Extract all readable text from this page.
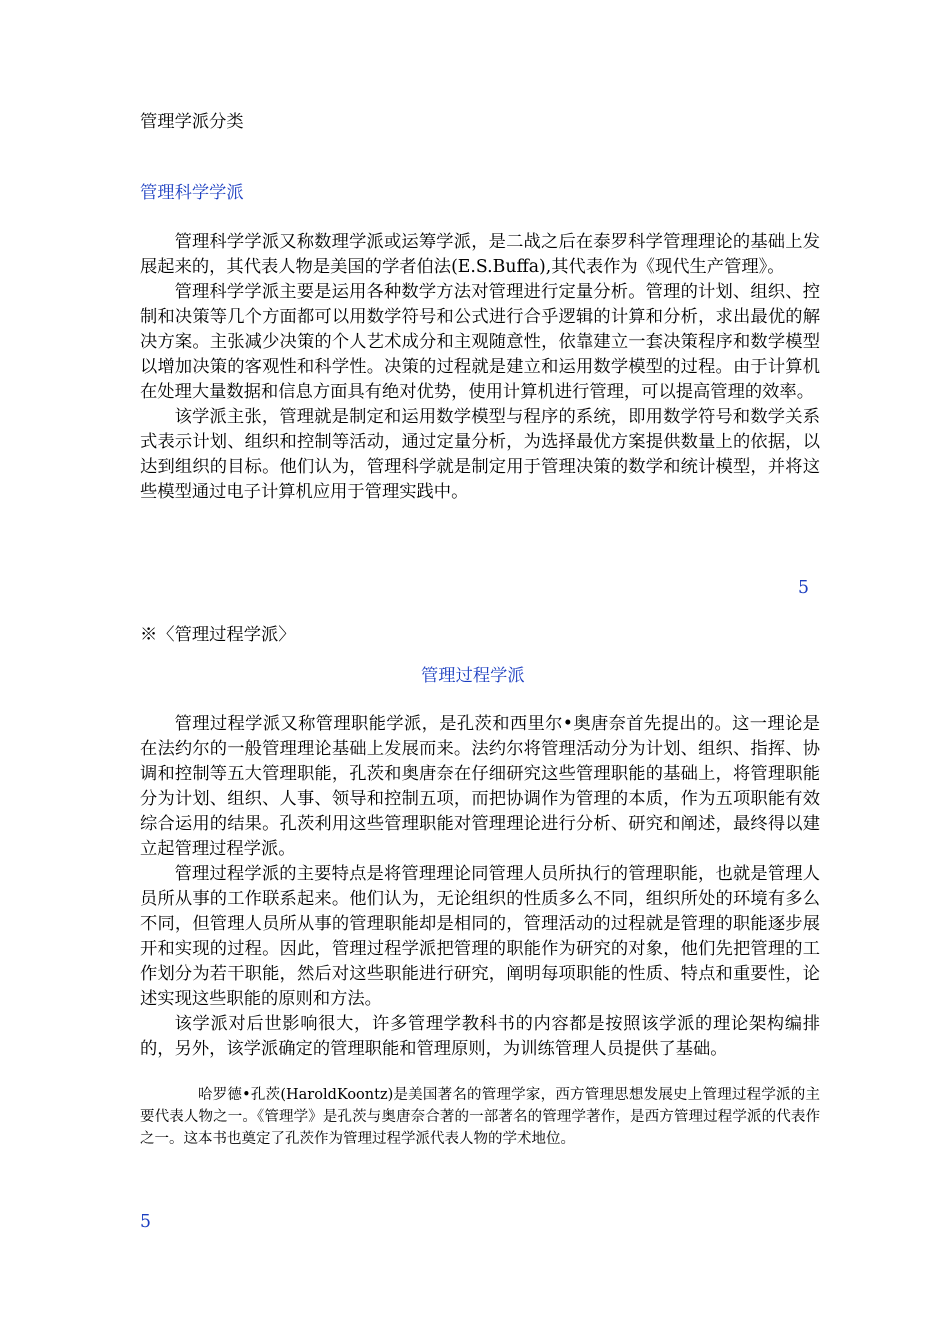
管理学派分类

管理科学学派

管理科学学派又称数理学派或运筹学派，是二战之后在泰罗科学管理理论的基础上发展起来的，其代表人物是美国的学者伯法(E.S.Buffa),其代表作为《现代生产管理》。

管理科学学派主要是运用各种数学方法对管理进行定量分析。管理的计划、组织、控制和决策等几个方面都可以用数学符号和公式进行合乎逻辑的计算和分析，求出最优的解决方案。主张减少决策的个人艺术成分和主观随意性，依靠建立一套决策程序和数学模型以增加决策的客观性和科学性。决策的过程就是建立和运用数学模型的过程。由于计算机在处理大量数据和信息方面具有绝对优势，使用计算机进行管理，可以提高管理的效率。

该学派主张，管理就是制定和运用数学模型与程序的系统，即用数学符号和数学关系式表示计划、组织和控制等活动，通过定量分析，为选择最优方案提供数量上的依据，以达到组织的目标。他们认为，管理科学就是制定用于管理决策的数学和统计模型，并将这些模型通过电子计算机应用于管理实践中。

5

※〈管理过程学派〉

管理过程学派

管理过程学派又称管理职能学派，是孔茨和西里尔•奥唐奈首先提出的。这一理论是在法约尔的一般管理理论基础上发展而来。法约尔将管理活动分为计划、组织、指挥、协调和控制等五大管理职能，孔茨和奥唐奈在仔细研究这些管理职能的基础上，将管理职能分为计划、组织、人事、领导和控制五项，而把协调作为管理的本质，作为五项职能有效综合运用的结果。孔茨利用这些管理职能对管理理论进行分析、研究和阐述，最终得以建立起管理过程学派。

管理过程学派的主要特点是将管理理论同管理人员所执行的管理职能，也就是管理人员所从事的工作联系起来。他们认为，无论组织的性质多么不同，组织所处的环境有多么不同，但管理人员所从事的管理职能却是相同的，管理活动的过程就是管理的职能逐步展开和实现的过程。因此，管理过程学派把管理的职能作为研究的对象，他们先把管理的工作划分为若干职能，然后对这些职能进行研究，阐明每项职能的性质、特点和重要性，论述实现这些职能的原则和方法。

该学派对后世影响很大，许多管理学教科书的内容都是按照该学派的理论架构编排的，另外，该学派确定的管理职能和管理原则，为训练管理人员提供了基础。

哈罗德•孔茨(HaroldKoontz)是美国著名的管理学家，西方管理思想发展史上管理过程学派的主要代表人物之一。《管理学》是孔茨与奥唐奈合著的一部著名的管理学著作，是西方管理过程学派的代表作之一。这本书也奠定了孔茨作为管理过程学派代表人物的学术地位。

5
